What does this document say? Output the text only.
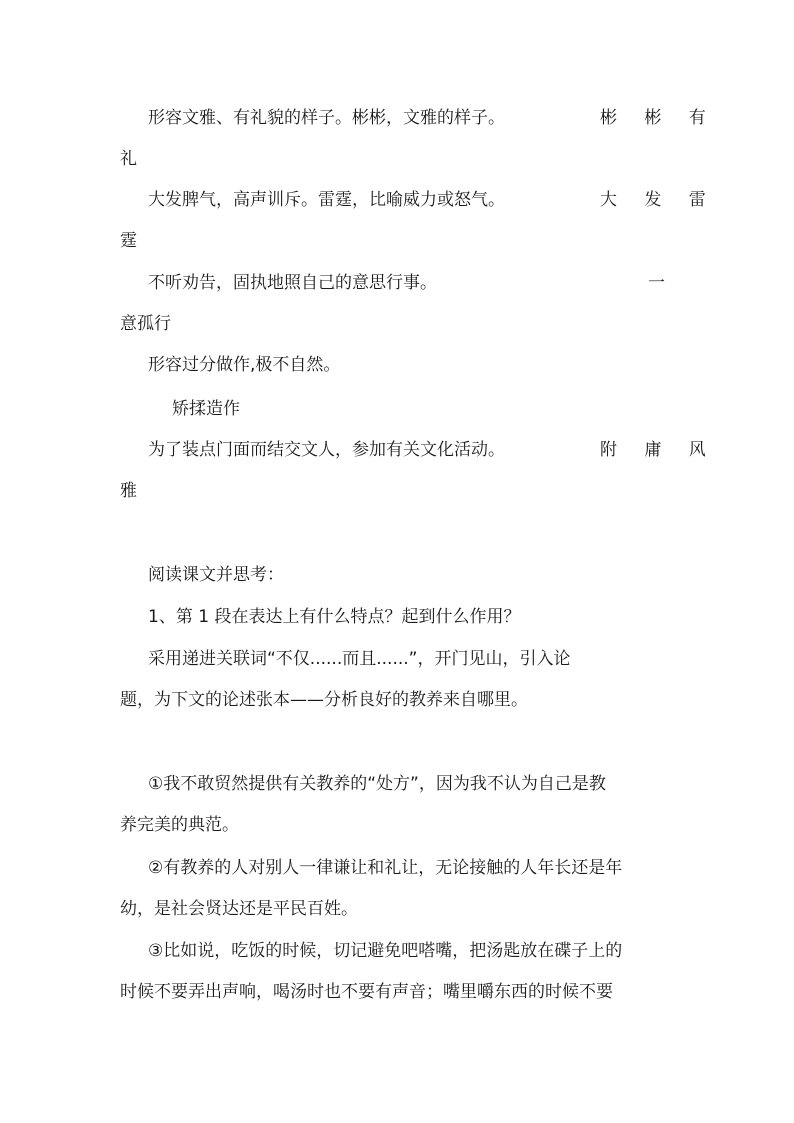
形容文雅、有礼貌的样子。彬彬，文雅的样子。	彬 彬 有
礼
大发脾气，高声训斥。雷霆，比喻威力或怒气。	大 发 雷
霆
不听劝告，固执地照自己的意思行事。	一
意孤行
形容过分做作,极不自然。
矫揉造作
为了装点门面而结交文人，参加有关文化活动。	附 庸 风
雅
阅读课文并思考：
1、第 1 段在表达上有什么特点？起到什么作用？
采用递进关联词“不仅......而且......”，开门见山，引入论
题，为下文的论述张本——分析良好的教养来自哪里。
①我不敢贸然提供有关教养的“处方”，因为我不认为自己是教
养完美的典范。
②有教养的人对别人一律谦让和礼让，无论接触的人年长还是年
幼，是社会贤达还是平民百姓。
③比如说，吃饭的时候，切记避免吧嗒嘴，把汤匙放在碟子上的
时候不要弄出声响，喝汤时也不要有声音；嘴里嚼东西的时候不要
